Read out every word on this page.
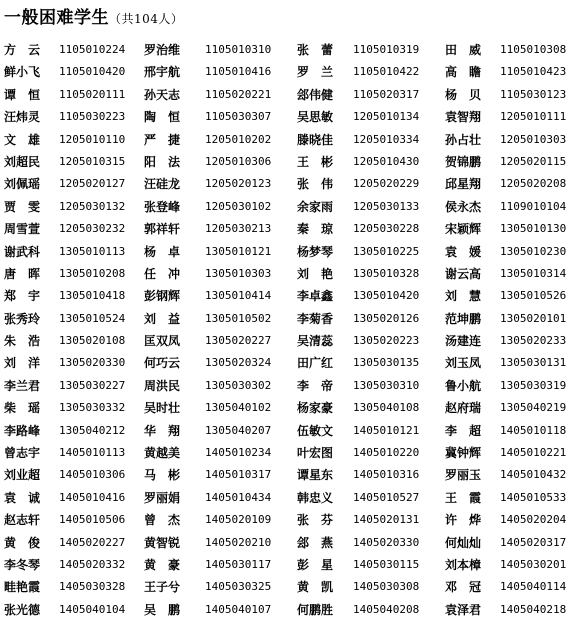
一般困难学生（共104人）
方　云 1105010224 罗治维 1105010310 张　蕾 1105010319 田　威 1105010308
鲜小飞 1105010420 邢宇航 1105010416 罗　兰 1105010422 高　瞻 1105010423
谭　恒 1105020111 孙天志 1105020221 郐伟健 1105020317 杨　贝 1105030123
汪炜灵 1105030223 陶　恒 1105030307 吴思敏 1205010134 袁智翔 1205010111
文　雄 1205010110 严　捷 1205010202 滕晓佳 1205010334 孙占壮 1205010303
刘超民 1205010315 阳　法 1205010306 王　彬 1205010430 贺锦鹏 1205020115
刘佩瑶 1205020127 汪硅龙 1205020123 张　伟 1205020229 邱星翔 1205020208
贾　雯 1205030132 张登峰 1205030102 余家雨 1205030133 侯永杰 1109010104
周雪萱 1205030232 郭祥轩 1205030213 秦　琼 1205030228 宋颖辉 1305010130
谢武科 1305010113 杨　卓 1305010121 杨梦琴 1305010225 袁　媛 1305010230
唐　晖 1305010208 任　冲 1305010303 刘　艳 1305010328 谢云高 1305010314
郑　宇 1305010418 彭钢辉 1305010414 李卓鑫 1305010420 刘　慧 1305010526
张秀玲 1305010524 刘　益 1305010502 李菊香 1305020126 范坤鹏 1305020101
朱　浩 1305020108 匡双凤 1305020227 吴清蕊 1305020223 汤建连 1305020233
刘　洋 1305020330 何巧云 1305020324 田广红 1305030135 刘玉凤 1305030131
李兰君 1305030227 周洪民 1305030302 李　帝 1305030310 鲁小航 1305030319
柴　瑶 1305030332 吴时壮 1305040102 杨家豪 1305040108 赵府瑞 1305040219
李路峰 1305040212 华　翔 1305040207 伍敏文 1405010121 李　超 1405010118
曾志宇 1405010113 黄越美 1405010234 叶宏图 1405010220 冀钟辉 1405010221
刘业超 1405010306 马　彬 1405010317 谭星东 1405010316 罗丽玉 1405010432
袁　诚 1405010416 罗丽娟 1405010434 韩忠义 1405010527 王　霞 1405010533
赵志轩 1405010506 曾　杰 1405020109 张　芬 1405020131 许　烨 1405020204
黄　俊 1405020227 黄智锐 1405020210 郐　燕 1405020330 何灿灿 1405020317
李冬琴 1405020332 黄　豪 1405030117 彭　星 1405030115 刘本樟 1405030201
畦艳霞 1405030328 王子兮 1405030325 黄　凯 1405030308 邓　冠 1405040114
张光德 1405040104 吴　鹏 1405040107 何鹏胜 1405040208 袁泽君 1405040218
